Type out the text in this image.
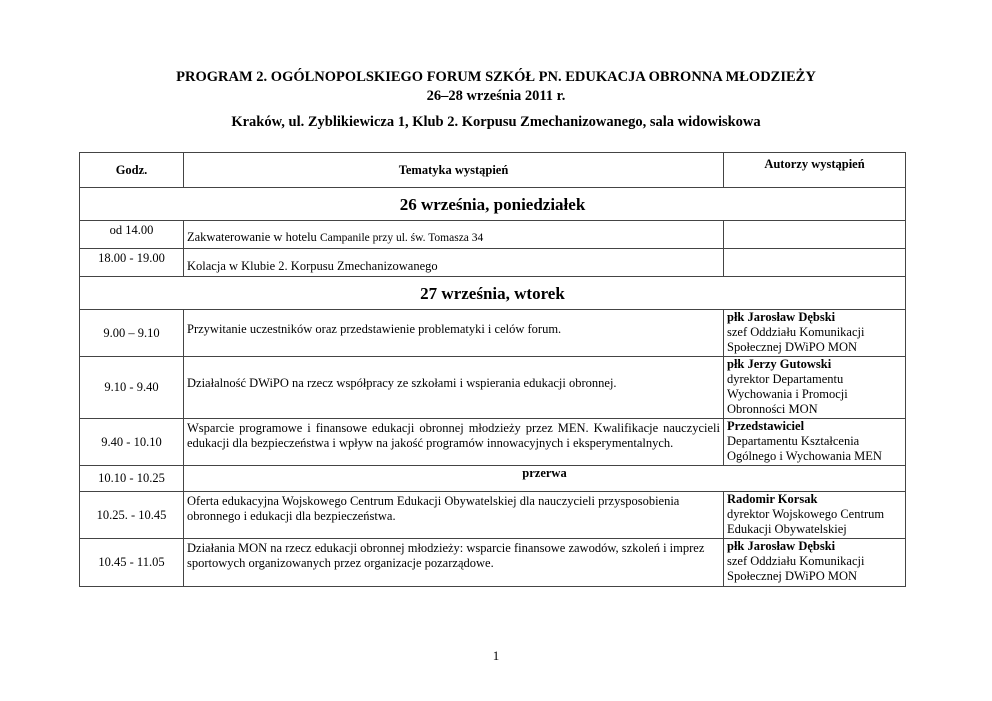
PROGRAM 2. OGÓLNOPOLSKIEGO FORUM SZKÓŁ PN. EDUKACJA OBRONNA MŁODZIEŻY
26–28 września 2011 r.
Kraków, ul. Zyblikiewicza 1, Klub 2. Korpusu Zmechanizowanego, sala widowiskowa
Godz.	Tematyka wystąpień	Autorzy wystąpień
26 września, poniedziałek		
od 14.00	Zakwaterowanie w hotelu Campanile przy ul. św. Tomasza 34	
18.00 - 19.00	Kolacja w Klubie 2. Korpusu Zmechanizowanego	
27 września, wtorek		
9.00 – 9.10	Przywitanie uczestników oraz przedstawienie problematyki i celów forum.	płk Jarosław Dębski
szef Oddziału Komunikacji
Społecznej DWiPO MON

9.10 - 9.40	Działalność DWiPO na rzecz współpracy ze szkołami i wspierania edukacji obronnej.	płk Jerzy Gutowski
dyrektor Departamentu
Wychowania i Promocji
Obronności MON

9.40 - 10.10	Wsparcie programowe i finansowe edukacji obronnej młodzieży przez MEN. Kwalifikacje nauczycieli edukacji dla bezpieczeństwa i wpływ na jakość programów innowacyjnych i eksperymentalnych.	Przedstawiciel
Departamentu Kształcenia
Ogólnego i Wychowania MEN

10.10 - 10.25	przerwa	
10.25. - 10.45	Oferta edukacyjna Wojskowego Centrum Edukacji Obywatelskiej dla nauczycieli przysposobienia obronnego i edukacji dla bezpieczeństwa.	Radomir Korsak
dyrektor Wojskowego Centrum
Edukacji Obywatelskiej

10.45 - 11.05	Działania MON na rzecz edukacji obronnej młodzieży: wsparcie finansowe zawodów, szkoleń i imprez sportowych organizowanych przez organizacje pozarządowe.	płk Jarosław Dębski
szef Oddziału Komunikacji
Społecznej DWiPO MON
1
